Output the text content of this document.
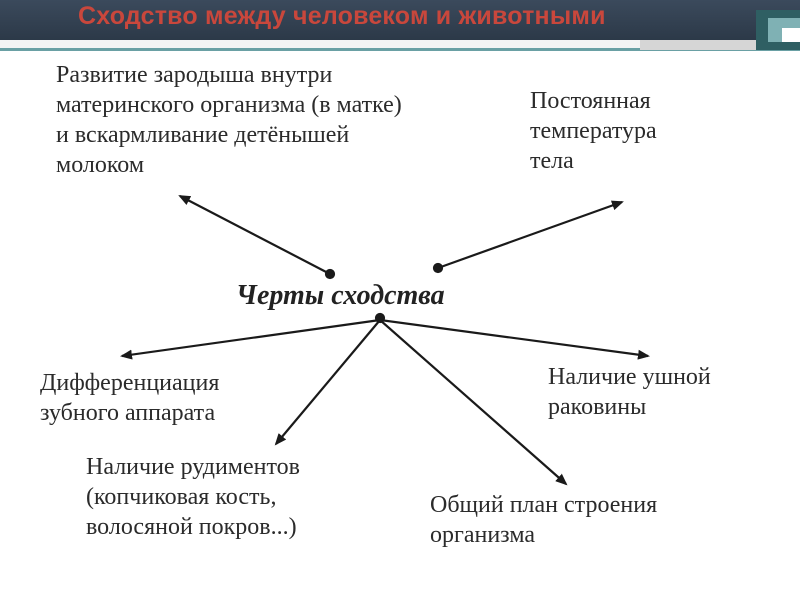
Сходство между человеком и животными
Черты сходства
Развитие зародыша внутри
материнского организма (в матке)
и вскармливание детёнышей
молоком
Постоянная
температура
тела
Дифференциация
зубного аппарата
Наличие ушной
раковины
Наличие рудиментов
(копчиковая кость,
волосяной покров...)
Общий план строения
организма
